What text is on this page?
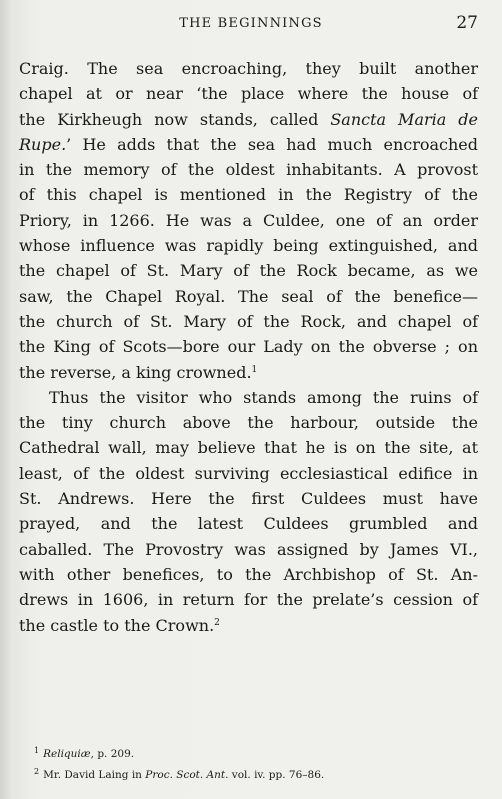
THE BEGINNINGS	27
Craig. The sea encroaching, they built another
chapel at or near ‘the place where the house of
the Kirkheugh now stands, called Sancta Maria de
Rupe.’ He adds that the sea had much encroached
in the memory of the oldest inhabitants. A provost
of this chapel is mentioned in the Registry of the
Priory, in 1266. He was a Culdee, one of an order
whose influence was rapidly being extinguished, and
the chapel of St. Mary of the Rock became, as we
saw, the Chapel Royal. The seal of the benefice—
the church of St. Mary of the Rock, and chapel of
the King of Scots—bore our Lady on the obverse ; on
the reverse, a king crowned.$^1$
Thus the visitor who stands among the ruins of
the tiny church above the harbour, outside the
Cathedral wall, may believe that he is on the site, at
least, of the oldest surviving ecclesiastical edifice in
St. Andrews. Here the first Culdees must have
prayed, and the latest Culdees grumbled and
caballed. The Provostry was assigned by James VI.,
with other benefices, to the Archbishop of St. An-
drews in 1606, in return for the prelate’s cession of
the castle to the Crown.$^2$
$^1$ Reliquiæ, p. 209.
$^2$ Mr. David Laing in Proc. Scot. Ant. vol. iv. pp. 76–86.
